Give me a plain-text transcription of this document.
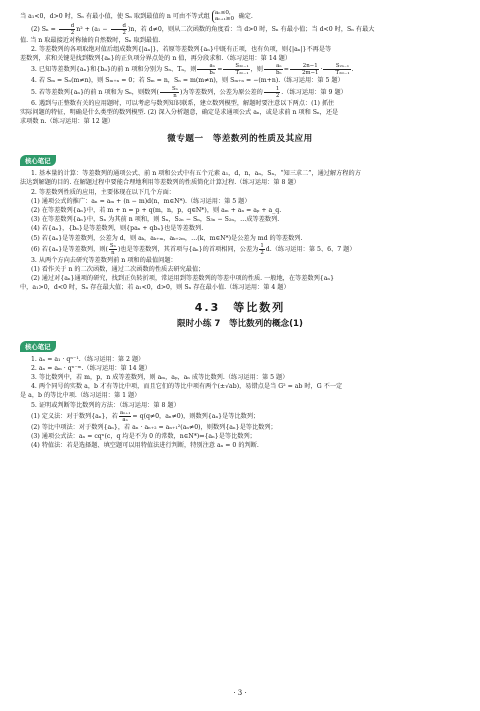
当 a₁<0，d>0 时，Sₙ 有最小值，使 Sₙ 取到最值的 n 可由不等式组 aₙ≤0，
aₙ₊₁≥0 确定.

(2) $S_n = \frac{d}{2} n^2 + (a_1 - \frac{d}{2} )n$，若 d≠0，则从二次函数的角度看：当 d>0 时，Sₙ 有最小值；当 d<0 时，Sₙ 有最大

值. 当 n 取最接近对称轴的自然数时，Sₙ 取到最值.

2. 等差数列的各项取绝对值后组成数列{|aₙ|}，若原等差数列{aₙ}中既有正项，也有负项，则{|aₙ|}不再是等

差数列，求和关键是找到数列{aₙ}的正负项分界点处的 n 值，再分段求和.（练习运用：第 14 题）

3. 已知等差数列{aₙ}和{bₙ}的前 n 项和分别为 Sₙ、Tₙ，则 $\frac{\text{aₙ}}{\text{bₙ}} = \frac{\text{S₂ₙ₋₁}}{\text{T₂ₙ₋₁}}$ ，则 $\frac{\text{aₙ}}{\text{bₙ}} = \frac{2n-1}{2m-1} \cdot \frac{\text{S₂ₙ₋₁}}{\text{T₂ₘ₋₁}}$ .

4. 若 Sₘ = Sₙ(m≠n)，则 Sₘ₊ₙ = 0；若 Sₘ = n，Sₙ = m(m≠n)，则 Sₘ₊ₙ = −(m+n).（练习运用：第 5 题）

5. 若等差数列{aₙ}的前 n 项和为 Sₙ，则数列( $\frac{\text{Sₙ}}{n}$ )为等差数列，公差为原公差的 $\frac{1}{2}$ .（练习运用：第 9 题）

6. 遇到与正整数有关的应用题时，可以考虑与数列知识联系，建立数列模型，解题时要注意以下两点：(1) 抓住

实际问题的特征，明确是什么类型的数列模型. (2) 深入分析题意，确定是求通项公式 aₙ，或是求前 n 项和 Sₙ，还是

求项数 n.（练习运用：第 12 题）

微专题一　等差数列的性质及其应用
核心笔记

1. 基本量的计算：等差数列的通项公式、前 n 项和公式中有五个元素 a₁，d，n，aₙ，Sₙ，“知三求二”，通过解方程的方

法达到解题的目的. 在解题过程中要能合理地利用等差数列的性质简化计算过程.（练习运用：第 8 题）

2. 等差数列性质的应用，主要体现在以下几个方面：

(1) 通项公式的推广：aₙ = aₘ + (n − m)d(n，m∈N*).（练习运用：第 5 题）

(2) 在等差数列{aₙ}中，若 m + n = p + q(m，n，p，q∈N*)，则 aₘ + aₙ = aₚ + a_q.

(3) 在等差数列{aₙ}中，Sₙ 为其前 n 项和，则 Sₙ，S₂ₙ − Sₙ，S₃ₙ − S₂ₙ，…成等差数列.

(4) 若{aₙ}，{bₙ}是等差数列，则{paₙ + qbₙ}也是等差数列.

(5) 若{aₙ}是等差数列，公差为 d，则 aₖ，aₖ₊ₘ，aₖ₊₂ₘ，…(k，m∈N*)是公差为 md 的等差数列.

(6) 若{aₙ}是等差数列，则( $\frac{\text{Sₙ}}{n}$ )也是等差数列，其首项与{aₙ}的首项相同，公差为 $\frac{1}{2} d$.（练习运用：第 5、6、7 题）

3. 从两个方向去研究等差数列前 n 项和的最值问题：

(1) 看作关于 n 的二次函数，通过二次函数的性质去研究最值；

(2) 通过对{aₙ}通项的研究，找到正负转折项，常运用到等差数列的等差中项的性质. 一般地，在等差数列{aₙ}

中，a₁>0，d<0 时，Sₙ 存在最大值；若 a₁<0，d>0，则 Sₙ 存在最小值.（练习运用：第 4 题）

4.3　等比数列
限时小练 7　等比数列的概念(1)
核心笔记

1. aₙ = a₁ · qⁿ⁻¹.（练习运用：第 2 题）

2. aₙ = aₘ · qⁿ⁻ᵐ.（练习运用：第 14 题）

3. 等比数列中，若 m，p，n 成等差数列，则 aₘ，aₚ，aₙ 成等比数列.（练习运用：第 5 题）

4. 两个同号的实数 a，b 才有等比中项，而且它们的等比中项有两个(±√ab)，易错点是当 G² = ab 时，G 不一定

是 a，b 的等比中项.（练习运用：第 1 题）

5. 证明或判断等比数列的方法：（练习运用：第 8 题）

(1) 定义法：对于数列{aₙ}，若 $\frac{\text{aₙ₊₁}}{\text{aₙ}} = q(q\ne 0$，aₙ≠0)，则数列{aₙ}是等比数列；

(2) 等比中项法：对于数列{aₙ}，若 aₙ · aₙ₊₂ = aₙ₊₁²(aₙ≠0)，则数列{aₙ}是等比数列；

(3) 通项公式法：aₙ = cqⁿ(c，q 均是不为 0 的常数，n∈N*)⇔{aₙ}是等比数列；

(4) 特值法：若是选择题、填空题可以用特值法进行判断，特别注意 aₙ = 0 的判断.

· 3 ·
